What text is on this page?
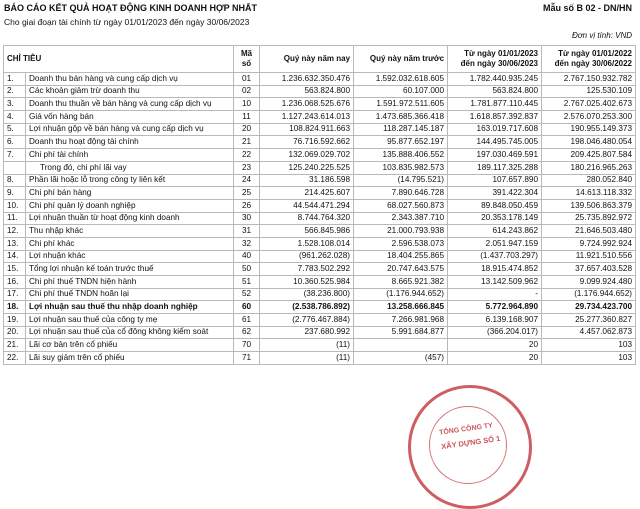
BÁO CÁO KẾT QUẢ HOẠT ĐỘNG KINH DOANH HỢP NHẤT	Mẫu số B 02 - DN/HN
Cho giai đoạn tài chính từ ngày 01/01/2023 đến ngày 30/06/2023
Đơn vị tính: VND
CHỈ TIÊU		Mã số	Quý này năm nay	Quý này năm trước	Từ ngày 01/01/2023 đến ngày 30/06/2023	Từ ngày 01/01/2022 đến ngày 30/06/2022
1.	Doanh thu bán hàng và cung cấp dịch vụ	01	1.236.632.350.476	1.592.032.618.605	1.782.440.935.245	2.767.150.932.782
2.	Các khoản giảm trừ doanh thu	02	563.824.800	60.107.000	563.824.800	125.530.109
3.	Doanh thu thuần về bán hàng và cung cấp dịch vụ	10	1.236.068.525.676	1.591.972.511.605	1.781.877.110.445	2.767.025.402.673
4.	Giá vốn hàng bán	11	1.127.243.614.013	1.473.685.366.418	1.618.857.392.837	2.576.070.253.300
5.	Lợi nhuận gộp về bán hàng và cung cấp dịch vụ	20	108.824.911.663	118.287.145.187	163.019.717.608	190.955.149.373
6.	Doanh thu hoạt động tài chính	21	76.716.592.662	95.877.652.197	144.495.745.005	198.046.480.054
7.	Chi phí tài chính	22	132.069.029.702	135.888.406.552	197.030.469.591	209.425.807.584
	Trong đó, chi phí lãi vay	23	125.240.225.525	103.835.982.573	189.117.325.288	180.216.965.263
8.	Phần lãi hoặc lỗ trong công ty liên kết	24	31.186.598	(14.795.521)	107.657.890	280.052.840
9.	Chi phí bán hàng	25	214.425.607	7.890.646.728	391.422.304	14.613.118.332
10.	Chi phí quản lý doanh nghiệp	26	44.544.471.294	68.027.560.873	89.848.050.459	139.506.863.379
11.	Lợi nhuận thuần từ hoạt động kinh doanh	30	8.744.764.320	2.343.387.710	20.353.178.149	25.735.892.972
12.	Thu nhập khác	31	566.845.986	21.000.793.938	614.243.862	21.646.503.480
13.	Chi phí khác	32	1.528.108.014	2.596.538.073	2.051.947.159	9.724.992.924
14.	Lợi nhuận khác	40	(961.262.028)	18.404.255.865	(1.437.703.297)	11.921.510.556
15.	Tổng lợi nhuận kế toán trước thuế	50	7.783.502.292	20.747.643.575	18.915.474.852	37.657.403.528
16.	Chi phí thuế TNDN hiện hành	51	10.360.525.984	8.665.921.382	13.142.509.962	9.099.924.480
17.	Chi phí thuế TNDN hoãn lại	52	(38.236.800)	(1.176.944.652)	-	(1.176.944.652)
18.	Lợi nhuận sau thuế thu nhập doanh nghiệp	60	(2.538.786.892)	13.258.666.845	5.772.964.890	29.734.423.700
19.	Lợi nhuận sau thuế của công ty mẹ	61	(2.776.467.884)	7.266.981.968	6.139.168.907	25.277.360.827
20.	Lợi nhuận sau thuế của cổ đông không kiểm soát	62	237.680.992	5.991.684.877	(366.204.017)	4.457.062.873
21.	Lãi cơ bản trên cổ phiếu	70	(11)		20	103
22.	Lãi suy giảm trên cổ phiếu	71	(11)	(457)	20	103
TỔNG CÔNG TY
XÂY DỰNG SỐ 1
